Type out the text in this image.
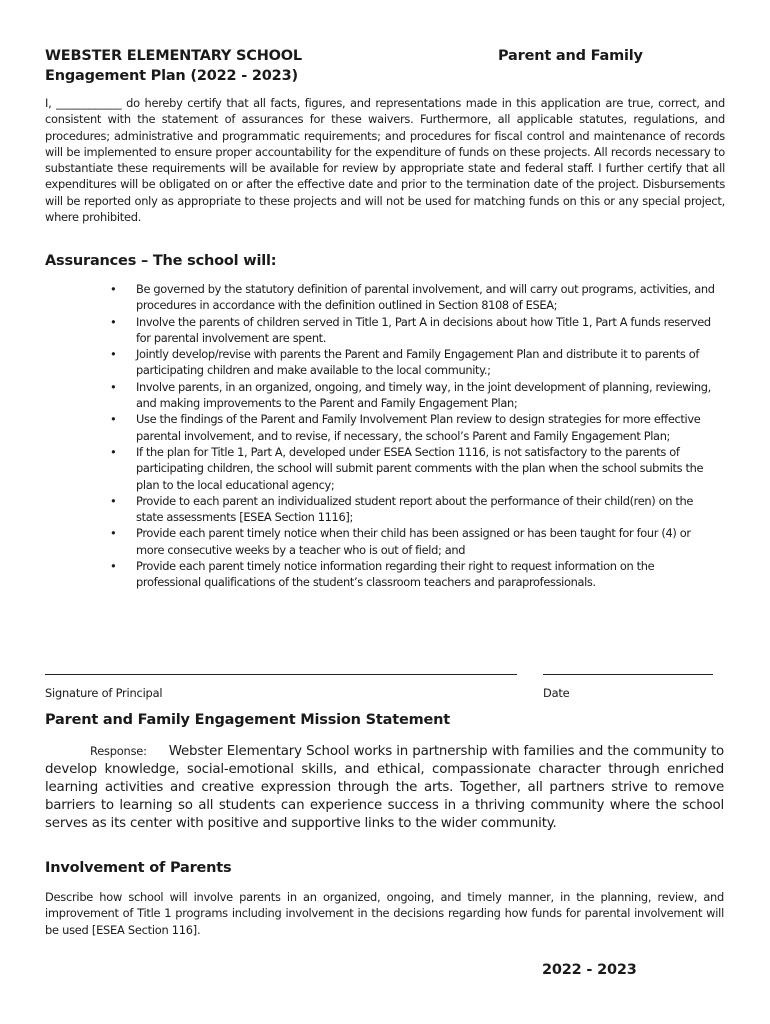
WEBSTER ELEMENTARY SCHOOL	Parent and Family
Engagement Plan (2022 - 2023)
I, ____________ do hereby certify that all facts, figures, and representations made in this application are true, correct, and consistent with the statement of assurances for these waivers. Furthermore, all applicable statutes, regulations, and procedures; administrative and programmatic requirements; and procedures for fiscal control and maintenance of records will be implemented to ensure proper accountability for the expenditure of funds on these projects. All records necessary to substantiate these requirements will be available for review by appropriate state and federal staff. I further certify that all expenditures will be obligated on or after the effective date and prior to the termination date of the project. Disbursements will be reported only as appropriate to these projects and will not be used for matching funds on this or any special project, where prohibited.
Assurances – The school will:
• Be governed by the statutory definition of parental involvement, and will carry out programs, activities, and procedures in accordance with the definition outlined in Section 8108 of ESEA;
• Involve the parents of children served in Title 1, Part A in decisions about how Title 1, Part A funds reserved for parental involvement are spent.
• Jointly develop/revise with parents the Parent and Family Engagement Plan and distribute it to parents of participating children and make available to the local community.;
• Involve parents, in an organized, ongoing, and timely way, in the joint development of planning, reviewing, and making improvements to the Parent and Family Engagement Plan;
• Use the findings of the Parent and Family Involvement Plan review to design strategies for more effective parental involvement, and to revise, if necessary, the school’s Parent and Family Engagement Plan;
• If the plan for Title 1, Part A, developed under ESEA Section 1116, is not satisfactory to the parents of participating children, the school will submit parent comments with the plan when the school submits the plan to the local educational agency;
• Provide to each parent an individualized student report about the performance of their child(ren) on the state assessments [ESEA Section 1116];
• Provide each parent timely notice when their child has been assigned or has been taught for four (4) or more consecutive weeks by a teacher who is out of field; and
• Provide each parent timely notice information regarding their right to request information on the professional qualifications of the student’s classroom teachers and paraprofessionals.
Signature of Principal	Date
Parent and Family Engagement Mission Statement
Response: Webster Elementary School works in partnership with families and the community to develop knowledge, social-emotional skills, and ethical, compassionate character through enriched learning activities and creative expression through the arts. Together, all partners strive to remove barriers to learning so all students can experience success in a thriving community where the school serves as its center with positive and supportive links to the wider community.
Involvement of Parents
Describe how school will involve parents in an organized, ongoing, and timely manner, in the planning, review, and improvement of Title 1 programs including involvement in the decisions regarding how funds for parental involvement will be used [ESEA Section 116].
2022 - 2023
